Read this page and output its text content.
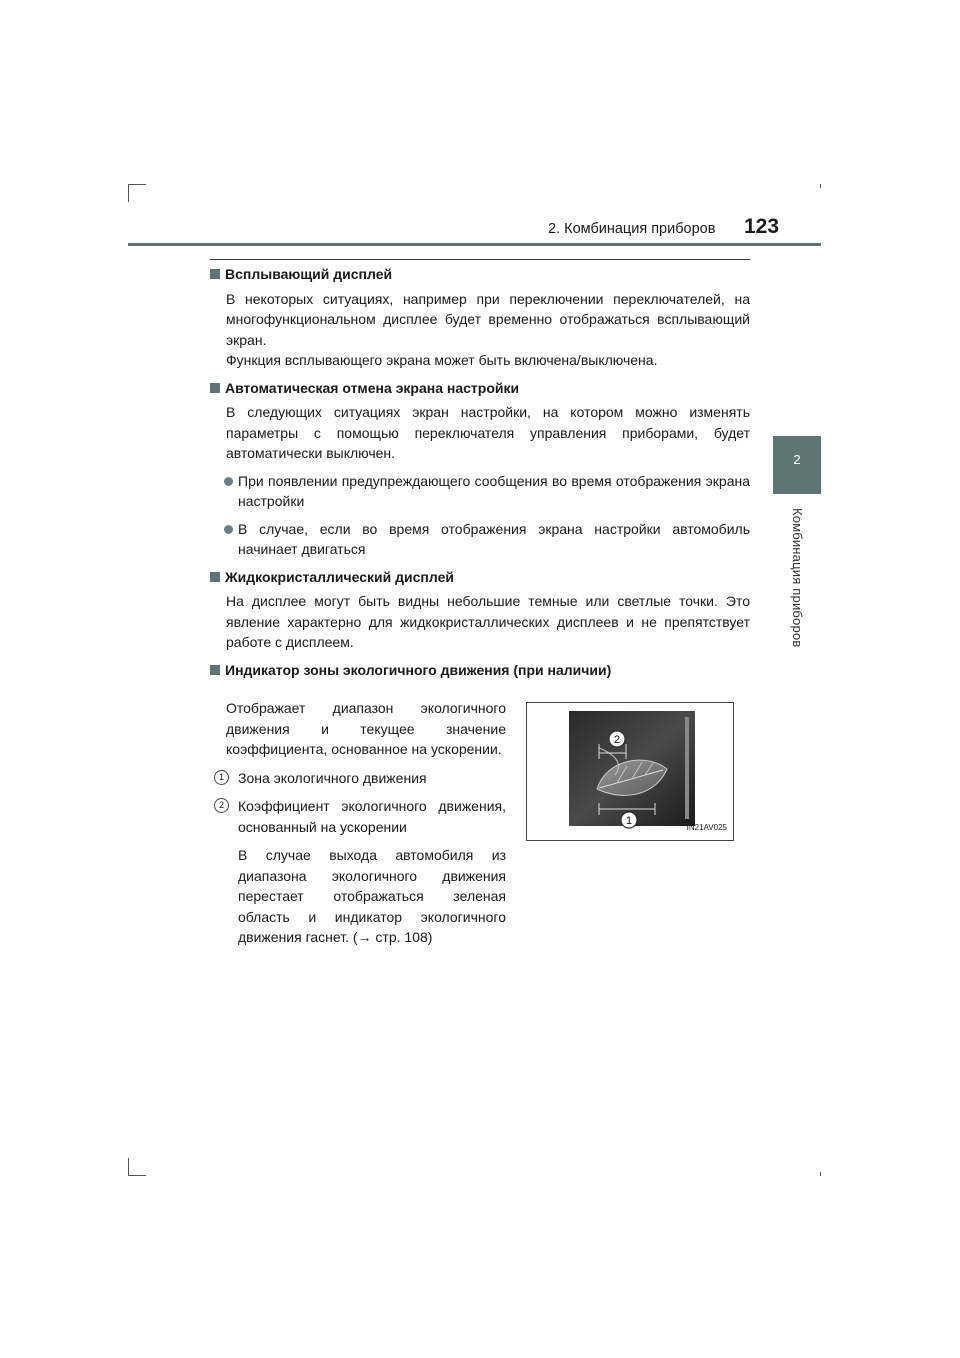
2. Комбинация приборов 123
2
Комбинация приборов
Всплывающий дисплей
В некоторых ситуациях, например при переключении переключателей, на многофункциональном дисплее будет временно отображаться всплывающий экран.
Функция всплывающего экрана может быть включена/выключена.
Автоматическая отмена экрана настройки
В следующих ситуациях экран настройки, на котором можно изменять параметры с помощью переключателя управления приборами, будет автоматически выключен.
При появлении предупреждающего сообщения во время отображения экрана настройки
В случае, если во время отображения экрана настройки автомобиль начинает двигаться
Жидкокристаллический дисплей
На дисплее могут быть видны небольшие темные или светлые точки. Это явление характерно для жидкокристаллических дисплеев и не препятствует работе с дисплеем.
Индикатор зоны экологичного движения (при наличии)
Отображает диапазон экологичного движения и текущее значение коэффициента, основанное на ускорении.
1	Зона экологичного движения
2	Коэффициент экологичного движения, основанный на ускорении
В случае выхода автомобиля из диапазона экологичного движения перестает отображаться зеленая область и индикатор экологичного движения гаснет. (→ стр. 108)
2
1	IN21AV025
